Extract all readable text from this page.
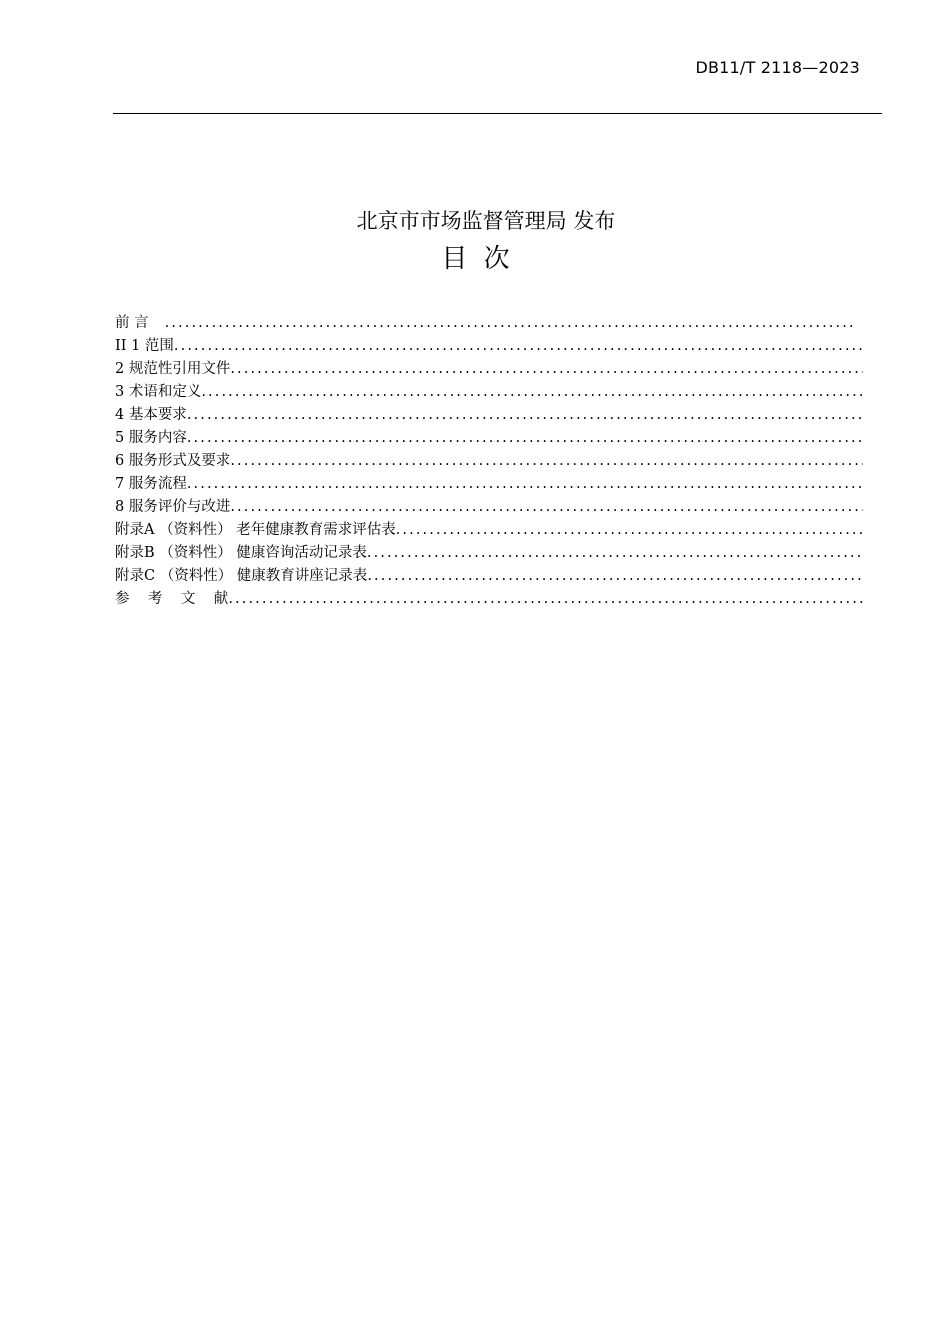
DB11/T 2118—2023
北京市市场监督管理局 发布
目 次
前 言
.....
II 1 范围
.....
2 规范性引用文件
.....
3 术语和定义
.....
4 基本要求
.....
5 服务内容
.....
6 服务形式及要求
.....
7 服务流程
.....
8 服务评价与改进
.....
附录A （资料性） 老年健康教育需求评估表
.....
附录B （资料性） 健康咨询活动记录表
.....
附录C （资料性） 健康教育讲座记录表
.....
参    考    文    献
.....
